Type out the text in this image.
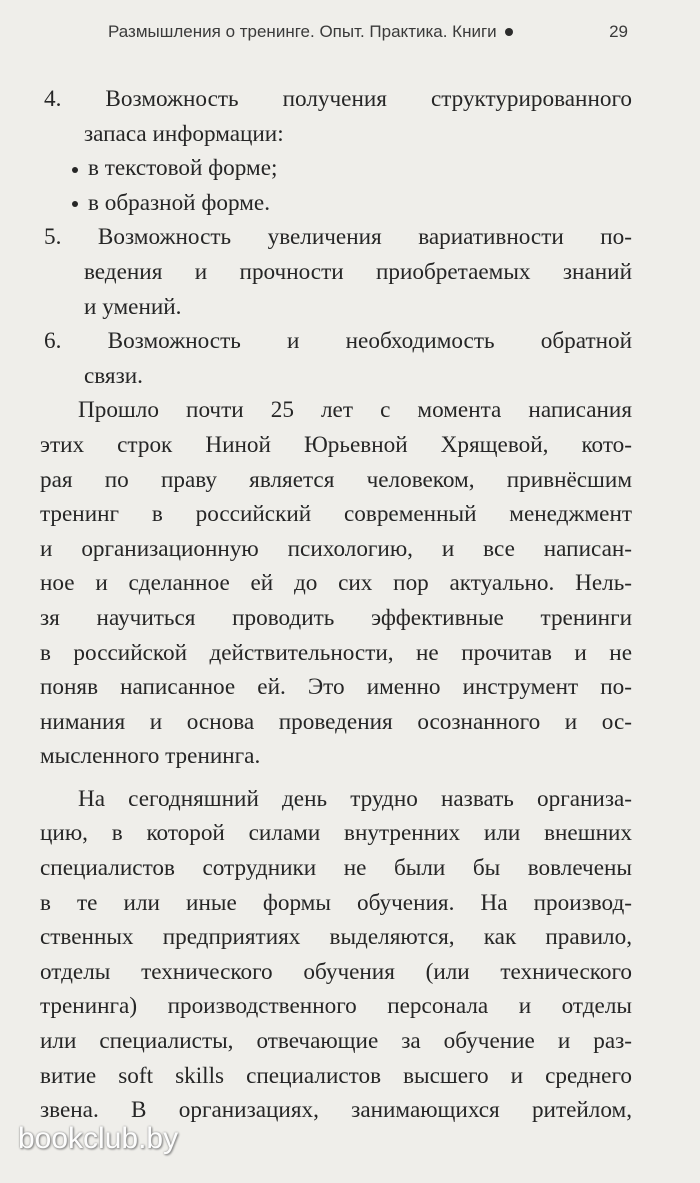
Размышления о тренинге. Опыт. Практика. Книги	29
4. Возможность получения структурированного
запаса информации:
в текстовой форме;
в образной форме.
5. Возможность увеличения вариативности по-
ведения и прочности приобретаемых знаний
и умений.
6. Возможность и необходимость обратной
связи.
Прошло почти 25 лет с момента написания
этих строк Ниной Юрьевной Хрящевой, кото-
рая по праву является человеком, привнёсшим
тренинг в российский современный менеджмент
и организационную психологию, и все написан-
ное и сделанное ей до сих пор актуально. Нель-
зя научиться проводить эффективные тренинги
в российской действительности, не прочитав и не
поняв написанное ей. Это именно инструмент по-
нимания и основа проведения осознанного и ос-
мысленного тренинга.
На сегодняшний день трудно назвать организа-
цию, в которой силами внутренних или внешних
специалистов сотрудники не были бы вовлечены
в те или иные формы обучения. На производ-
ственных предприятиях выделяются, как правило,
отделы технического обучения (или технического
тренинга) производственного персонала и отделы
или специалисты, отвечающие за обучение и раз-
витие soft skills специалистов высшего и среднего
звена. В организациях, занимающихся ритейлом,
bookclub.by
